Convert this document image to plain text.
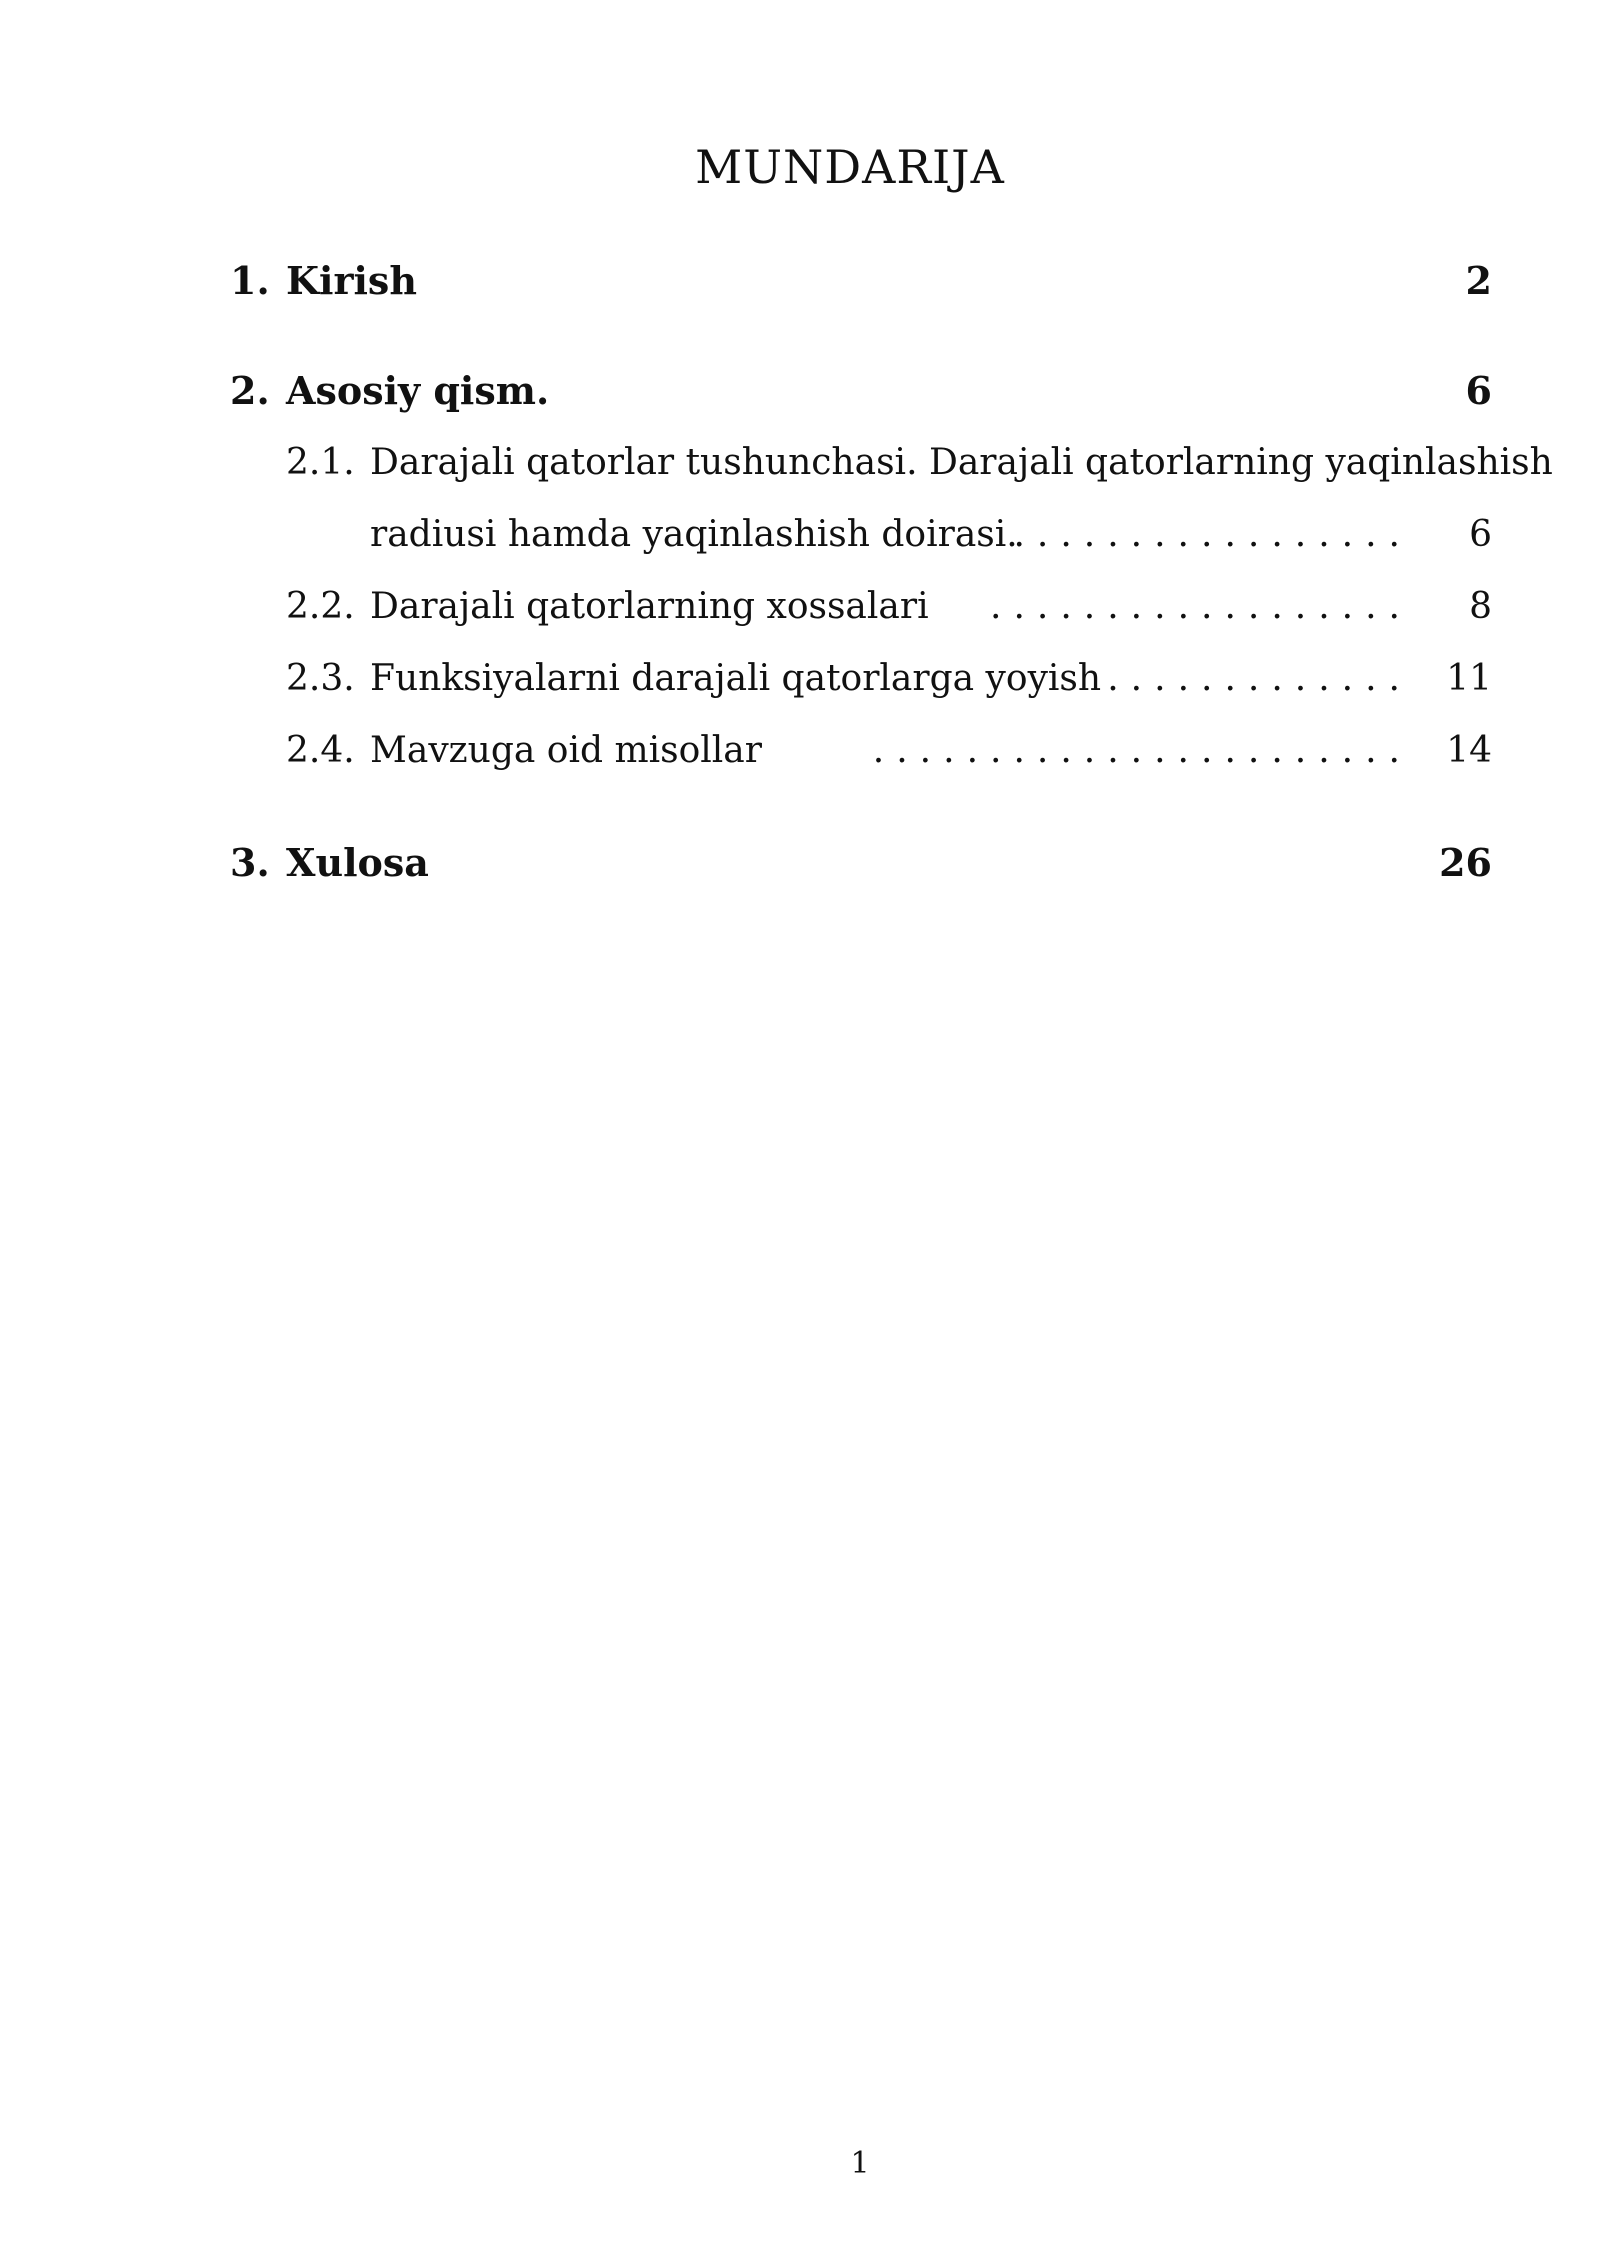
MUNDARIJA
1. Kirish	2
2. Asosiy qism.	6
2.1. Darajali qatorlar tushunchasi. Darajali qatorlarning yaqinlashish
radiusi hamda yaqinlashish doirasi.
................. 6
2.2. Darajali qatorlarning xossalari .................. 8
2.3. Funksiyalarni darajali qatorlarga yoyish ............. 11
2.4. Mavzuga oid misollar	....................... 14
3. Xulosa	26
1
